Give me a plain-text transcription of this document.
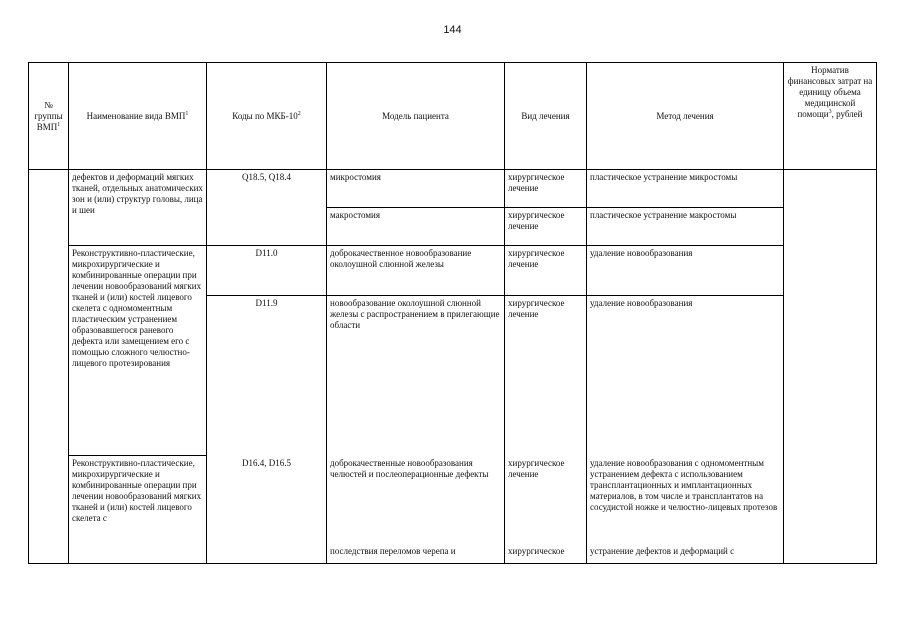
144
№ группы ВМП$^1$	Наименование вида ВМП$^1$	Коды по МКБ-$10^2$	Модель пациента	Вид лечения	Метод лечения	Норматив финансовых затрат на единицу объема медицинской помощи$^3$, рублей
	дефектов и деформаций мягких тканей, отдельных анатомических зон и (или) структур головы, лица и шеи	Q18.5, Q18.4	микростомия	хирургическое лечение	пластическое устранение микростомы	
			макростомия	хирургическое лечение	пластическое устранение макростомы	
	Реконструктивно-пластические, микрохирургические и комбинированные операции при лечении новообразований мягких тканей и (или) костей лицевого скелета с одномоментным пластическим устранением образовавшегося раневого дефекта или замещением его с помощью сложного челюстно-лицевого протезирования	D11.0	доброкачественное новообразование околоушной слюнной железы	хирургическое лечение	удаление новообразования	
		D11.9	новообразование околоушной слюнной железы с распространением в прилегающие области	хирургическое лечение	удаление новообразования	
	Реконструктивно-пластические, микрохирургические и комбинированные операции при лечении новообразований мягких тканей и (или) костей лицевого скелета с	D16.4, D16.5	доброкачественные новообразования челюстей и послеоперационные дефекты	хирургическое лечение	удаление новообразования с одномоментным устранением дефекта с использованием трансплантационных и имплантационных материалов, в том числе и трансплантатов на сосудистой ножке и челюстно-лицевых протезов	
			последствия переломов черепа и	хирургическое	устранение дефектов и деформаций с	
